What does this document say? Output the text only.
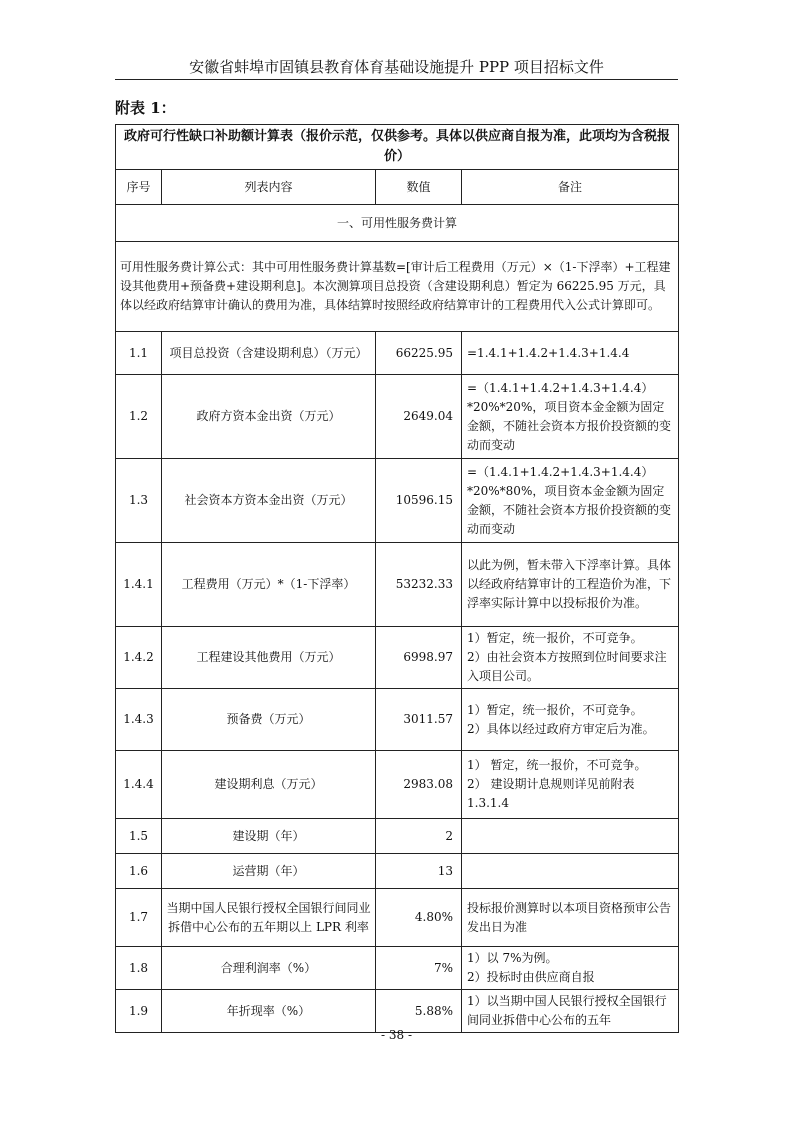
安徽省蚌埠市固镇县教育体育基础设施提升 PPP 项目招标文件
附表 1：
政府可行性缺口补助额计算表（报价示范，仅供参考。具体以供应商自报为准，此项均为含税报价）			
序号	列表内容	数值	备注
一、可用性服务费计算			
可用性服务费计算公式：其中可用性服务费计算基数=[审计后工程费用（万元）×（1-下浮率）+工程建设其他费用+预备费+建设期利息]。本次测算项目总投资（含建设期利息）暂定为 66225.95 万元，具体以经政府结算审计确认的费用为准，具体结算时按照经政府结算审计的工程费用代入公式计算即可。			
1.1	项目总投资（含建设期利息）（万元）	66225.95	=1.4.1+1.4.2+1.4.3+1.4.4
1.2	政府方资本金出资（万元）	2649.04	=（1.4.1+1.4.2+1.4.3+1.4.4）*20%*20%，项目资本金金额为固定金额，不随社会资本方报价投资额的变动而变动
1.3	社会资本方资本金出资（万元）	10596.15	=（1.4.1+1.4.2+1.4.3+1.4.4）*20%*80%，项目资本金金额为固定金额，不随社会资本方报价投资额的变动而变动
1.4.1	工程费用（万元）*（1-下浮率）	53232.33	以此为例，暂未带入下浮率计算。具体以经政府结算审计的工程造价为准，下浮率实际计算中以投标报价为准。
1.4.2	工程建设其他费用（万元）	6998.97	1）暂定，统一报价，不可竞争。
2）由社会资本方按照到位时间要求注入项目公司。
1.4.3	预备费（万元）	3011.57	1）暂定，统一报价，不可竞争。
2）具体以经过政府方审定后为准。
1.4.4	建设期利息（万元）	2983.08	1） 暂定，统一报价，不可竞争。
2） 建设期计息规则详见前附表 1.3.1.4
1.5	建设期（年）	2	
1.6	运营期（年）	13	
1.7	当期中国人民银行授权全国银行间同业拆借中心公布的五年期以上 LPR 利率	4.80%	投标报价测算时以本项目资格预审公告发出日为准
1.8	合理利润率（%）	7%	1）以 7%为例。
2）投标时由供应商自报
1.9	年折现率（%）	5.88%	1）以当期中国人民银行授权全国银行间同业拆借中心公布的五年
- 38 -
